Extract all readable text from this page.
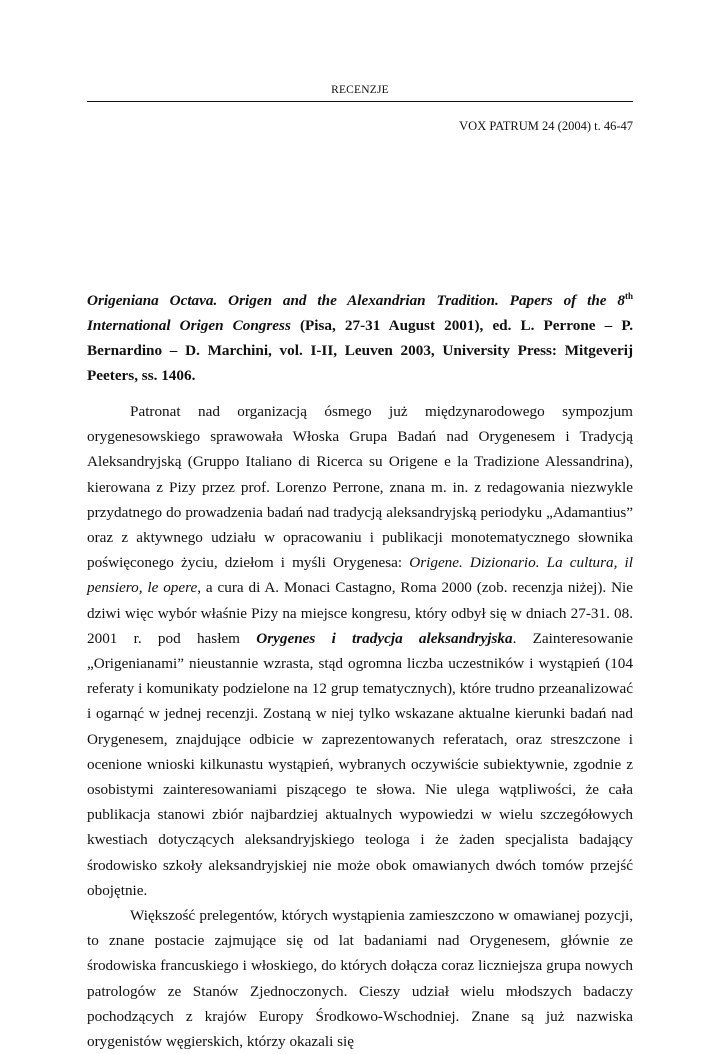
RECENZJE
VOX PATRUM 24 (2004) t. 46-47
Origeniana Octava. Origen and the Alexandrian Tradition. Papers of the 8th International Origen Congress (Pisa, 27-31 August 2001), ed. L. Perrone – P. Bernardino – D. Marchini, vol. I-II, Leuven 2003, University Press: Mitgeverij Peeters, ss. 1406.

Patronat nad organizacją ósmego już międzynarodowego sympozjum orygenesowskiego sprawowała Włoska Grupa Badań nad Orygenesem i Tradycją Aleksandryjską (Gruppo Italiano di Ricerca su Origene e la Tradizione Alessandrina), kierowana z Pizy przez prof. Lorenzo Perrone, znana m. in. z redagowania niezwykle przydatnego do prowadzenia badań nad tradycją aleksandryjską periodyku „Adamantius” oraz z aktywnego udziału w opracowaniu i publikacji monotematycznego słownika poświęconego życiu, dziełom i myśli Orygenesa: Origene. Dizionario. La cultura, il pensiero, le opere, a cura di A. Monaci Castagno, Roma 2000 (zob. recenzja niżej). Nie dziwi więc wybór właśnie Pizy na miejsce kongresu, który odbył się w dniach 27-31. 08. 2001 r. pod hasłem Orygenes i tradycja aleksandryjska. Zainteresowanie „Origenianami” nieustannie wzrasta, stąd ogromna liczba uczestników i wystąpień (104 referaty i komunikaty podzielone na 12 grup tematycznych), które trudno przeanalizować i ogarnąć w jednej recenzji. Zostaną w niej tylko wskazane aktualne kierunki badań nad Orygenesem, znajdujące odbicie w zaprezentowanych referatach, oraz streszczone i ocenione wnioski kilkunastu wystąpień, wybranych oczywiście subiektywnie, zgodnie z osobistymi zainteresowaniami piszącego te słowa. Nie ulega wątpliwości, że cała publikacja stanowi zbiór najbardziej aktualnych wypowiedzi w wielu szczegółowych kwestiach dotyczących aleksandryjskiego teologa i że żaden specjalista badający środowisko szkoły aleksandryjskiej nie może obok omawianych dwóch tomów przejść obojętnie.

Większość prelegentów, których wystąpienia zamieszczono w omawianej pozycji, to znane postacie zajmujące się od lat badaniami nad Orygenesem, głównie ze środowiska francuskiego i włoskiego, do których dołącza coraz liczniejsza grupa nowych patrologów ze Stanów Zjednoczonych. Cieszy udział wielu młodszych badaczy pochodzących z krajów Europy Środkowo-Wschodniej. Znane są już nazwiska orygenistów węgierskich, którzy okazali się
